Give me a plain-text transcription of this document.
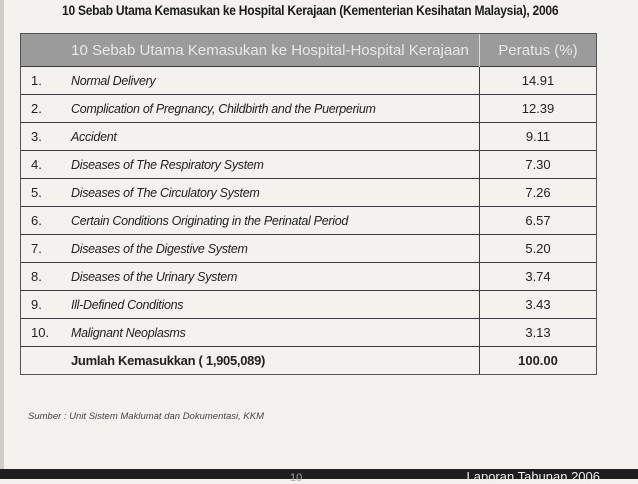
10 Sebab Utama Kemasukan ke Hospital Kerajaan (Kementerian Kesihatan Malaysia), 2006
10 Sebab Utama Kemasukan ke Hospital-Hospital Kerajaan		Peratus (%)
1.	Normal Delivery	14.91
2.	Complication of Pregnancy, Childbirth and the Puerperium	12.39
3.	Accident	9.11
4.	Diseases of The Respiratory System	7.30
5.	Diseases of The Circulatory System	7.26
6.	Certain Conditions Originating in the Perinatal Period	6.57
7.	Diseases of the Digestive System	5.20
8.	Diseases of the Urinary System	3.74
9.	Ill-Defined Conditions	3.43
10.	Malignant Neoplasms	3.13
	Jumlah Kemasukkan ( 1,905,089)	100.00
Sumber : Unit Sistem Maklumat dan Dokumentasi, KKM
10	Laporan Tahunan 2006
